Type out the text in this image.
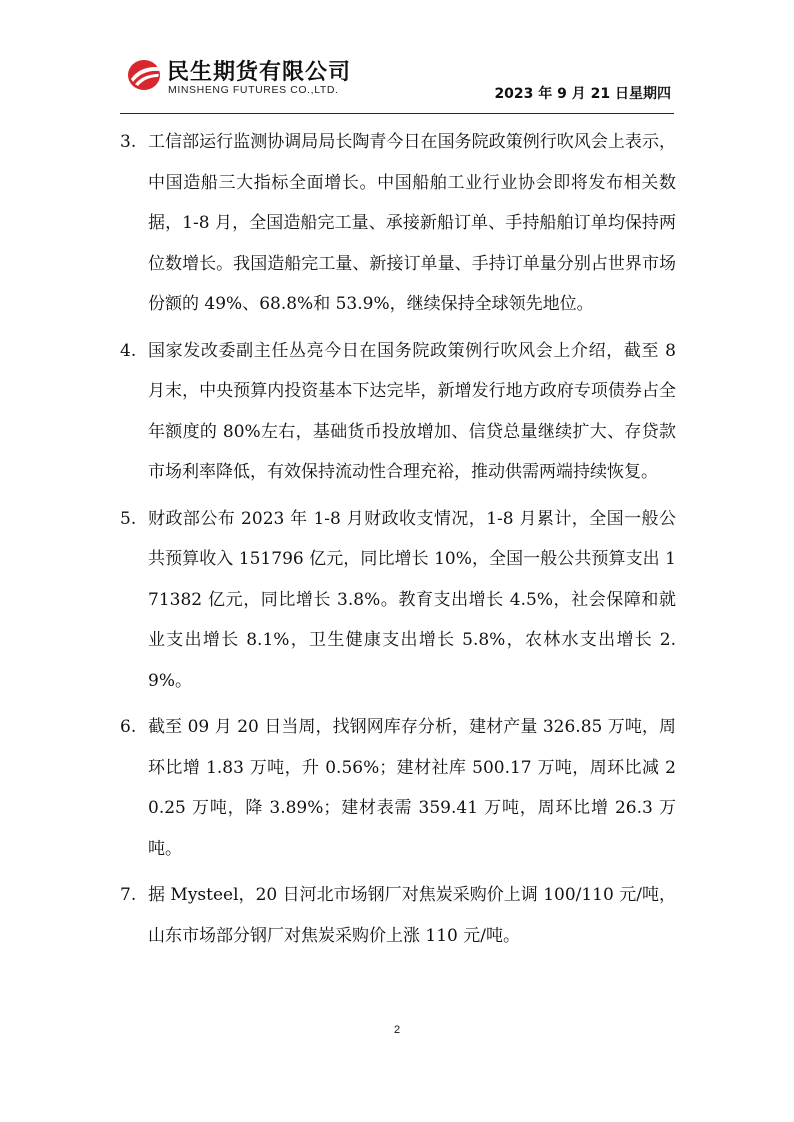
民生期货有限公司
MINSHENG FUTURES CO.,LTD.	2023 年 9 月 21 日星期四
3. 工信部运行监测协调局局长陶青今日在国务院政策例行吹风会上表示，中国造船三大指标全面增长。中国船舶工业行业协会即将发布相关数据，1-8 月，全国造船完工量、承接新船订单、手持船舶订单均保持两位数增长。我国造船完工量、新接订单量、手持订单量分别占世界市场份额的 49%、68.8%和 53.9%，继续保持全球领先地位。
4. 国家发改委副主任丛亮今日在国务院政策例行吹风会上介绍，截至 8 月末，中央预算内投资基本下达完毕，新增发行地方政府专项债券占全年额度的 80%左右，基础货币投放增加、信贷总量继续扩大、存贷款市场利率降低，有效保持流动性合理充裕，推动供需两端持续恢复。
5. 财政部公布 2023 年 1-8 月财政收支情况，1-8 月累计，全国一般公共预算收入 151796 亿元，同比增长 10%，全国一般公共预算支出 171382 亿元，同比增长 3.8%。教育支出增长 4.5%，社会保障和就业支出增长 8.1%，卫生健康支出增长 5.8%，农林水支出增长 2.9%。
6. 截至 09 月 20 日当周，找钢网库存分析，建材产量 326.85 万吨，周环比增 1.83 万吨，升 0.56%；建材社库 500.17 万吨，周环比减 20.25 万吨，降 3.89%；建材表需 359.41 万吨，周环比增 26.3 万吨。
7. 据 Mysteel，20 日河北市场钢厂对焦炭采购价上调 100/110 元/吨，山东市场部分钢厂对焦炭采购价上涨 110 元/吨。
2
